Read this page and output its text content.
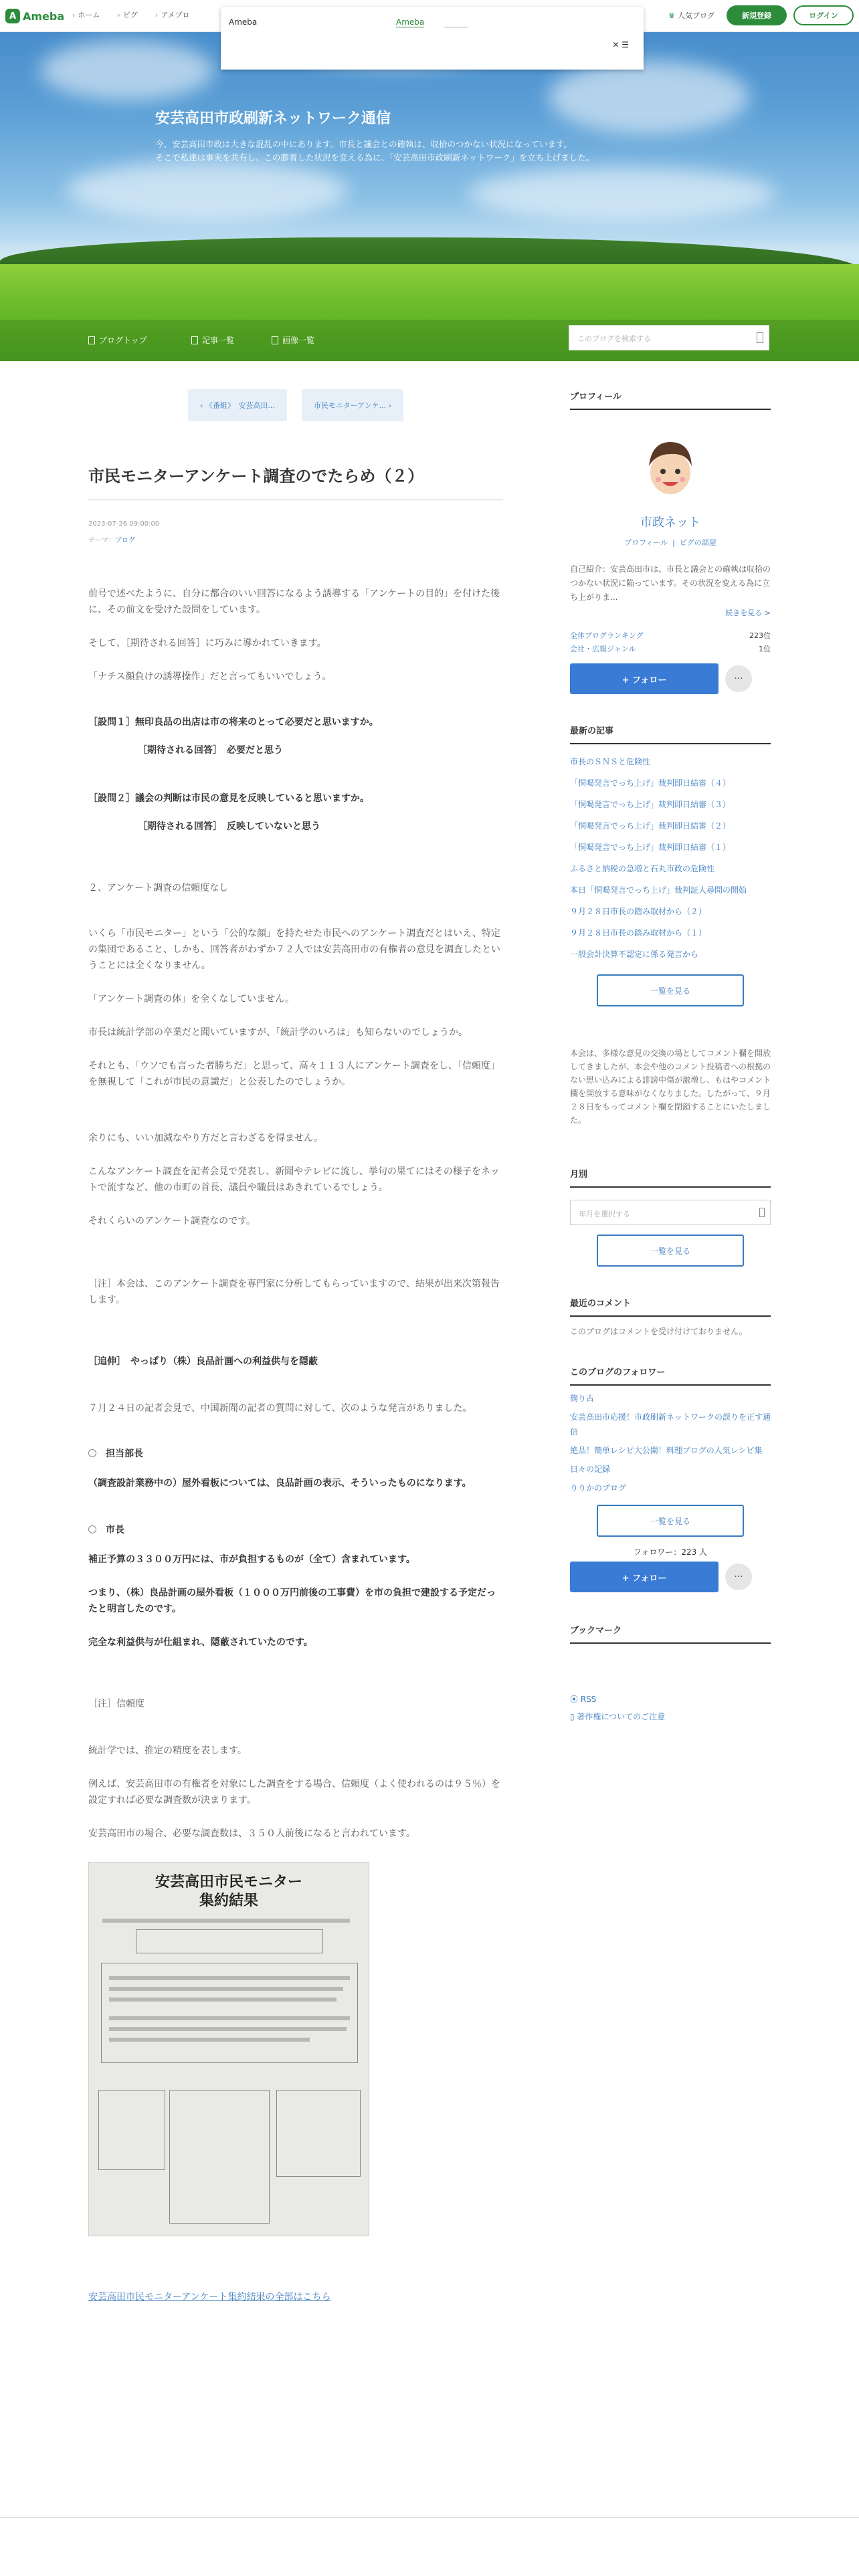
安芸高田市政刷新ネットワーク通信
今、安芸高田市政は大きな混乱の中にあります。市長と議会との確執は、収拾のつかない状況になっています。
そこで私達は事実を共有し、この膠着した状況を変える為に、「安芸高田市政刷新ネットワーク」を立ち上げました。
ブログトップ	記事一覧	画像一覧	このブログを検索する
A Ameba › ホーム › ピグ › アメブロ	♛ 人気ブログ	新規登録	ログイン
Ameba	Ameba
✕ ☰
‹ 《番組》　安芸高田...	市民モニターアンケ... ›
市民モニターアンケート調査のでたらめ（２）
2023-07-26 09:00:00
テーマ：ブログ

前号で述べたように、自分に都合のいい回答になるよう誘導する「アンケートの目的」を付けた後に、その前文を受けた設問をしています。

そして、［期待される回答］に巧みに導かれていきます。

「ナチス顔負けの誘導操作」だと言ってもいいでしょう。

［設問１］無印良品の出店は市の将来のとって必要だと思いますか。

［期待される回答］　必要だと思う

［設問２］議会の判断は市民の意見を反映していると思いますか。

［期待される回答］　反映していないと思う

２、アンケート調査の信頼度なし

いくら「市民モニター」という「公的な顔」を持たせた市民へのアンケート調査だとはいえ、特定の集団であること、しかも、回答者がわずか７２人では安芸高田市の有権者の意見を調査したということには全くなりません。

「アンケート調査の体」を全くなしていません。

市長は統計学部の卒業だと聞いていますが、「統計学のいろは」も知らないのでしょうか。

それとも、「ウソでも言った者勝ちだ」と思って、高々１１３人にアンケート調査をし、「信頼度」を無視して「これが市民の意識だ」と公表したのでしょうか。

余りにも、いい加減なやり方だと言わざるを得ません。

こんなアンケート調査を記者会見で発表し、新聞やテレビに流し、挙句の果てにはその様子をネットで流すなど、他の市町の首長、議員や職員はあきれているでしょう。

それくらいのアンケート調査なのです。

［注］本会は、このアンケート調査を専門家に分析してもらっていますので、結果が出来次第報告します。

［追伸］　やっぱり（株）良品計画への利益供与を隠蔽

７月２４日の記者会見で、中国新聞の記者の質問に対して、次のような発言がありました。

担当部長

（調査設計業務中の）屋外看板については、良品計画の表示、そういったものになります。

市長

補正予算の３３００万円には、市が負担するものが（全て）含まれています。

つまり、（株）良品計画の屋外看板（１０００万円前後の工事費）を市の負担で建設する予定だったと明言したのです。

完全な利益供与が仕組まれ、隠蔽されていたのです。

［注］信頼度

統計学では、推定の精度を表します。

例えば、安芸高田市の有権者を対象にした調査をする場合、信頼度（よく使われるのは９５％）を設定すれば必要な調査数が決まります。

安芸高田市の場合、必要な調査数は、３５０人前後になると言われています。

安芸高田市民モニター
集約結果
安芸高田市民モニターアンケート集約結果の全部はこちら
プロフィール
市政ネット
プロフィール  |  ピグの部屋
自己紹介：安芸高田市は、市長と議会との確執は収拾のつかない状況に陥っています。その状況を変える為に立ち上がりま...
続きを見る >
全体ブログランキング	223位
会社・広報ジャンル	1位
+ フォロー	···
最新の記事
市長のＳＮＳと危険性
「恫喝発言でっち上げ」裁判即日結審（４）
「恫喝発言でっち上げ」裁判即日結審（３）
「恫喝発言でっち上げ」裁判即日結審（２）
「恫喝発言でっち上げ」裁判即日結審（１）
ふるさと納税の急増と石丸市政の危険性
本日「恫喝発言でっち上げ」裁判証人尋問の開始
９月２８日市長の踏み取材から（２）
９月２８日市長の踏み取材から（１）
一般会計決算不認定に係る発言から
一覧を見る
本会は、多様な意見の交換の場としてコメント欄を開放してきましたが、本会や他のコメント投稿者への根拠のない思い込みによる誹謗中傷が激増し、もはやコメント欄を開放する意味がなくなりました。したがって、９月２８日をもってコメント欄を閉鎖することにいたしました。
月別
年月を選択する
一覧を見る
最近のコメント
このブログはコメントを受け付けておりません。
このブログのフォロワー
麹り古
安芸高田市応援！市政刷新ネットワークの誤りを正す通信
絶品！簡単レシピ大公開！料理ブログの人気レシピ集
日々の記録
りりかのブログ
一覧を見る
フォロワー：223 人
+ フォロー	···
ブックマーク
⦿ RSS
▯ 著作権についてのご注意
